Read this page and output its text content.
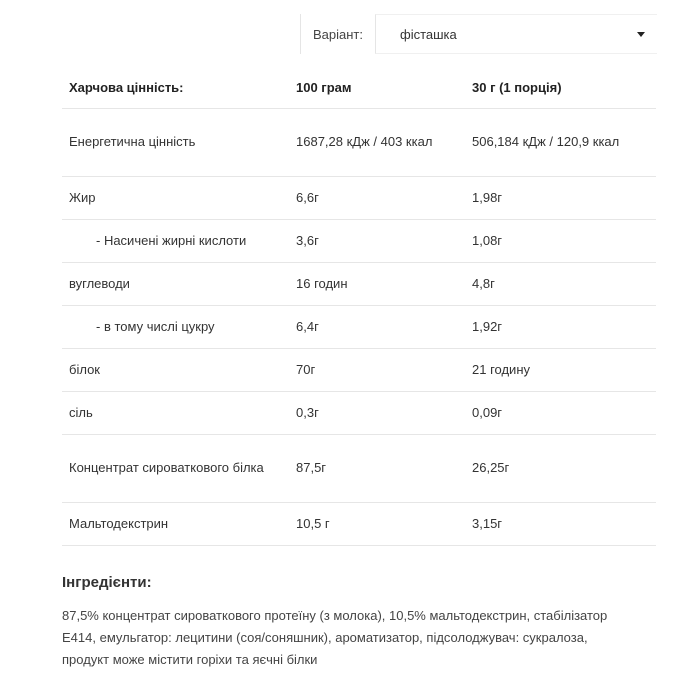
Варіант:	фісташка
Харчова цінність:	100 грам	30 г (1 порція)
Енергетична цінність	1687,28 кДж / 403 ккал	506,184 кДж / 120,9 ккал
Жир	6,6г	1,98г
- Насичені жирні кислоти	3,6г	1,08г
вуглеводи	16 годин	4,8г
- в тому числі цукру	6,4г	1,92г
білок	70г	21 годину
сіль	0,3г	0,09г
Концентрат сироваткового білка	87,5г	26,25г
Мальтодекстрин	10,5 г	3,15г
Інгредієнти:

87,5% концентрат сироваткового протеїну (з молока), 10,5% мальтодекстрин, стабілізатор Е414, емульгатор: лецитини (соя/соняшник), ароматизатор, підсолоджувач: сукралоза, продукт може містити горіхи та яєчні білки
